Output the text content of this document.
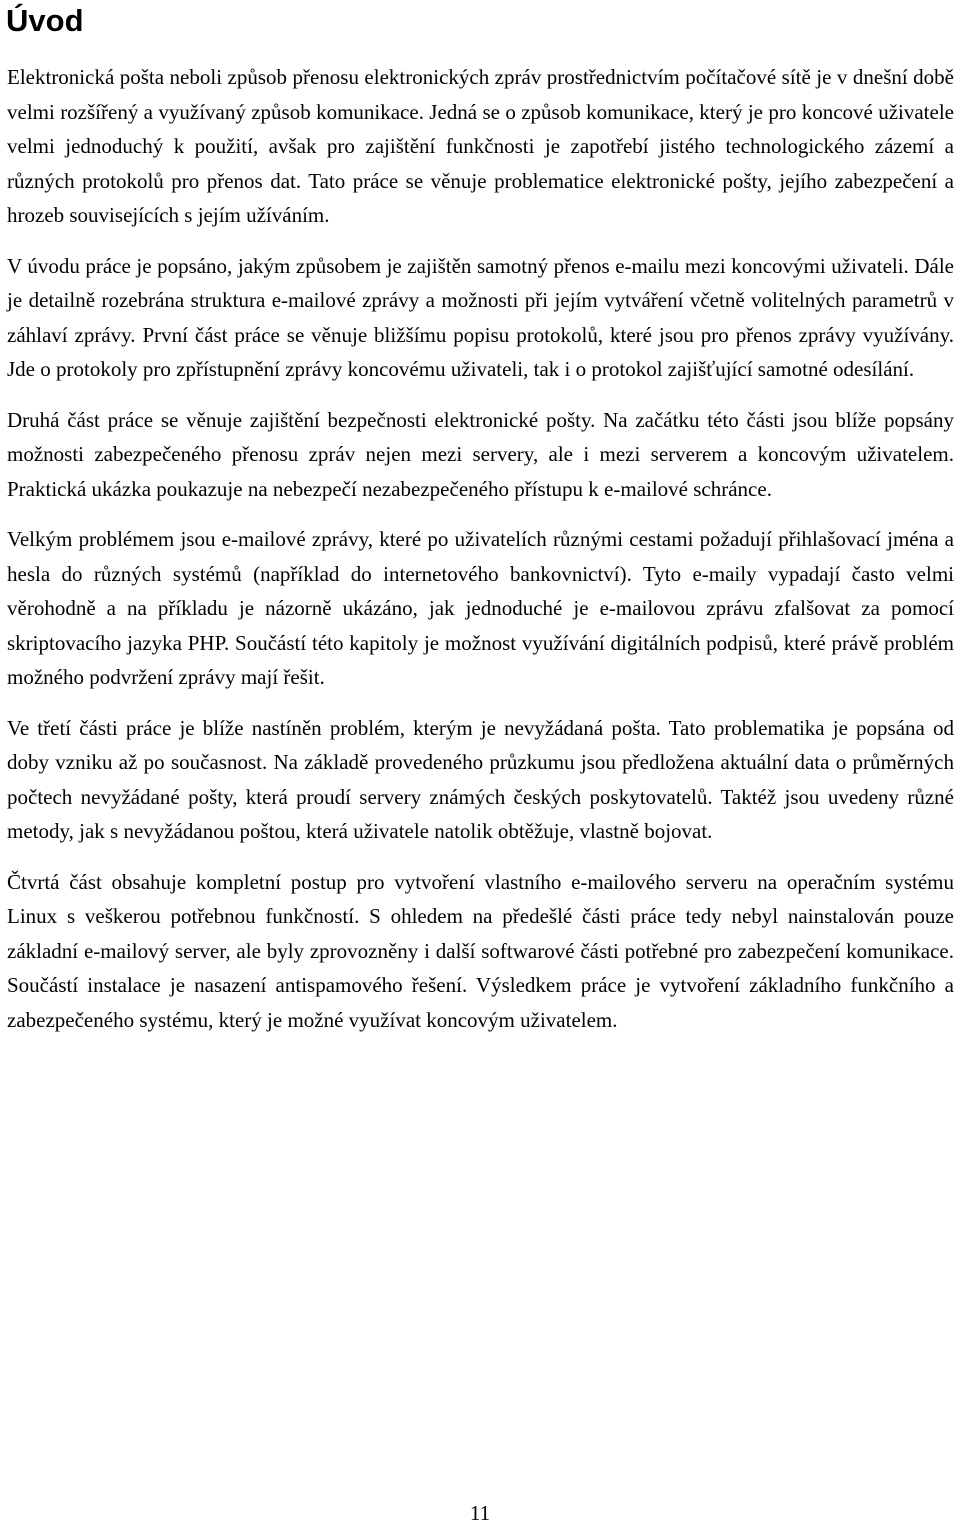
Úvod

Elektronická pošta neboli způsob přenosu elektronických zpráv prostřednictvím počítačové sítě je v dnešní době velmi rozšířený a využívaný způsob komunikace. Jedná se o způsob komunikace, který je pro koncové uživatele velmi jednoduchý k použití, avšak pro zajištění funkčnosti je zapotřebí jistého technologického zázemí a různých protokolů pro přenos dat. Tato práce se věnuje problematice elektronické pošty, jejího zabezpečení a hrozeb souvisejících s jejím užíváním.

V úvodu práce je popsáno, jakým způsobem je zajištěn samotný přenos e-mailu mezi koncovými uživateli. Dále je detailně rozebrána struktura e-mailové zprávy a možnosti při jejím vytváření včetně volitelných parametrů v záhlaví zprávy. První část práce se věnuje bližšímu popisu protokolů, které jsou pro přenos zprávy využívány. Jde o protokoly pro zpřístupnění zprávy koncovému uživateli, tak i o protokol zajišťující samotné odesílání.

Druhá část práce se věnuje zajištění bezpečnosti elektronické pošty. Na začátku této části jsou blíže popsány možnosti zabezpečeného přenosu zpráv nejen mezi servery, ale i mezi serverem a koncovým uživatelem. Praktická ukázka poukazuje na nebezpečí nezabezpečeného přístupu k e-mailové schránce.

Velkým problémem jsou e-mailové zprávy, které po uživatelích různými cestami požadují přihlašovací jména a hesla do různých systémů (například do internetového bankovnictví). Tyto e-maily vypadají často velmi věrohodně a na příkladu je názorně ukázáno, jak jednoduché je e-mailovou zprávu zfalšovat za pomocí skriptovacího jazyka PHP. Součástí této kapitoly je možnost využívání digitálních podpisů, které právě problém možného podvržení zprávy mají řešit.

Ve třetí části práce je blíže nastíněn problém, kterým je nevyžádaná pošta. Tato problematika je popsána od doby vzniku až po současnost. Na základě provedeného průzkumu jsou předložena aktuální data o průměrných počtech nevyžádané pošty, která proudí servery známých českých poskytovatelů. Taktéž jsou uvedeny různé metody, jak s nevyžádanou poštou, která uživatele natolik obtěžuje, vlastně bojovat.

Čtvrtá část obsahuje kompletní postup pro vytvoření vlastního e-mailového serveru na operačním systému Linux s veškerou potřebnou funkčností. S ohledem na předešlé části práce tedy nebyl nainstalován pouze základní e-mailový server, ale byly zprovozněny i další softwarové části potřebné pro zabezpečení komunikace. Součástí instalace je nasazení antispamového řešení. Výsledkem práce je vytvoření základního funkčního a zabezpečeného systému, který je možné využívat koncovým uživatelem.

11
